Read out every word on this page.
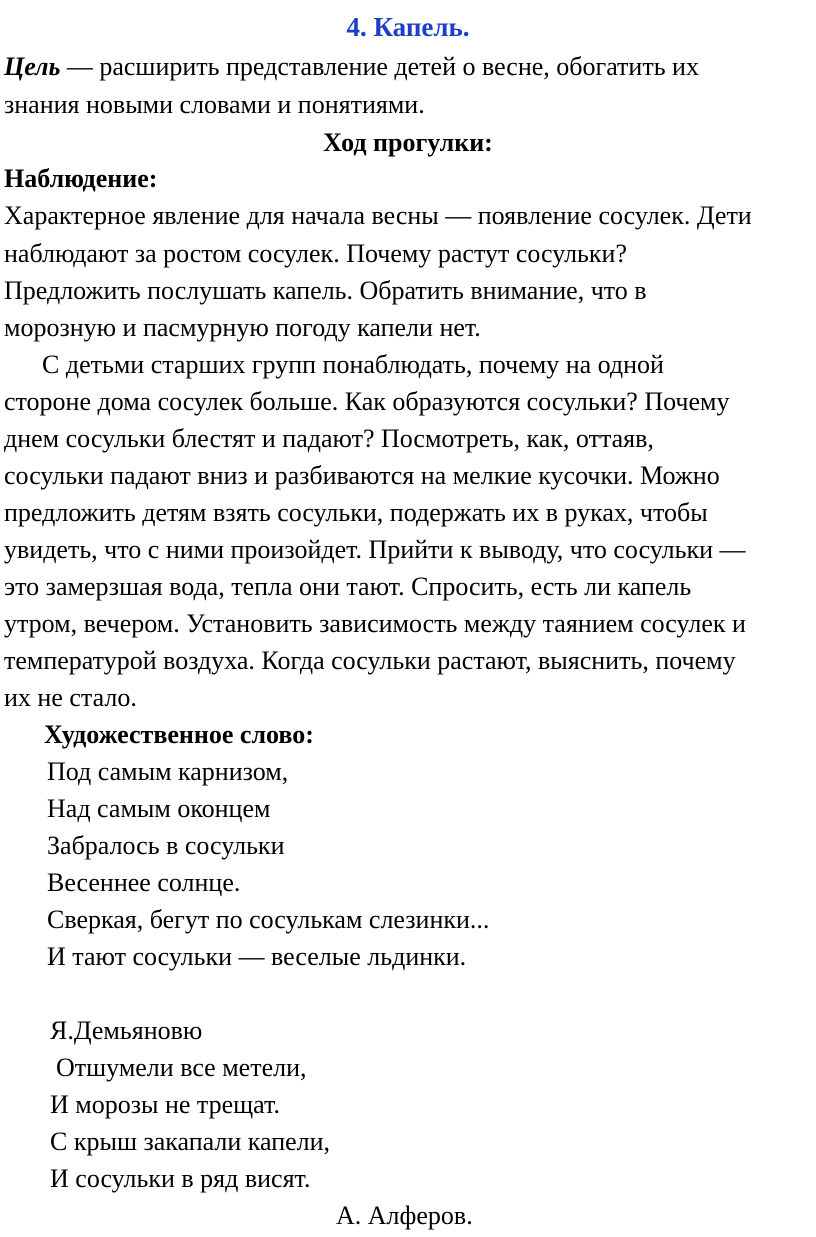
4. Капель.
Цель — расширить представление детей о весне, обогатить их
знания новыми словами и понятиями.
Ход прогулки:
Наблюдение:
Характерное явление для начала весны — появление сосулек. Дети
наблюдают за ростом сосулек. Почему растут сосульки?
Предложить послушать капель. Обратить внимание, что в
морозную и пасмурную погоду капели нет.
С детьми старших групп понаблюдать, почему на одной
стороне дома сосулек больше. Как образуются сосульки? Почему
днем сосульки блестят и падают? Посмотреть, как, оттаяв,
сосульки падают вниз и разбиваются на мелкие кусочки. Можно
предложить детям взять сосульки, подержать их в руках, чтобы
увидеть, что с ними произойдет. Прийти к выводу, что сосульки —
это замерзшая вода, тепла они тают. Спросить, есть ли капель
утром, вечером. Установить зависимость между таянием сосулек и
температурой воздуха. Когда сосульки растают, выяснить, почему
их не стало.
Художественное слово:
Под самым карнизом,
Над самым оконцем
Забралось в сосульки
Весеннее солнце.
Сверкая, бегут по сосулькам слезинки...
И тают сосульки — веселые льдинки.
Я.Демьяновю
Отшумели все метели,
И морозы не трещат.
С крыш закапали капели,
И сосульки в ряд висят.
А. Алферов.
